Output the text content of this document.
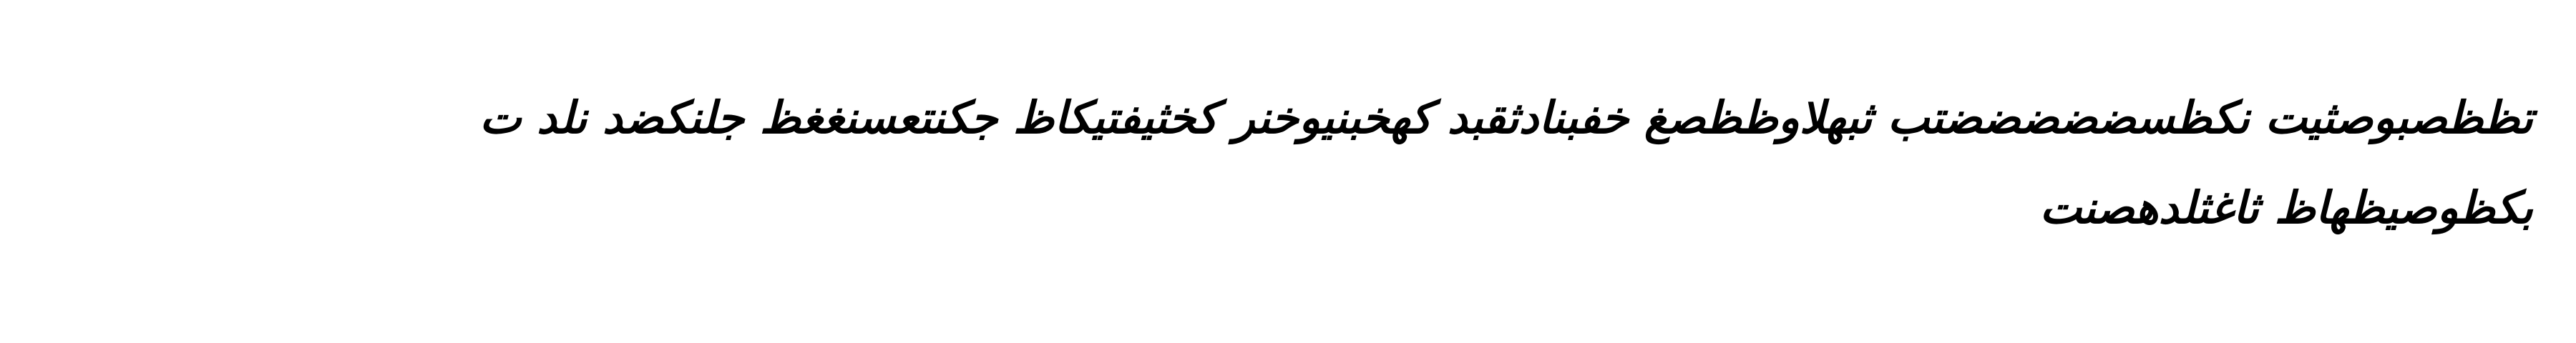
تظظصبوصثيت نكظسضضضضضتب ثبهلاوظظصغ خفبنادثقبد كهخبنيوخنر كخثيفتيكاظ جكنتعسنغغظ جلنكضد نلد ت
بكظوصيظهاظ ثاغثلدهصنت
